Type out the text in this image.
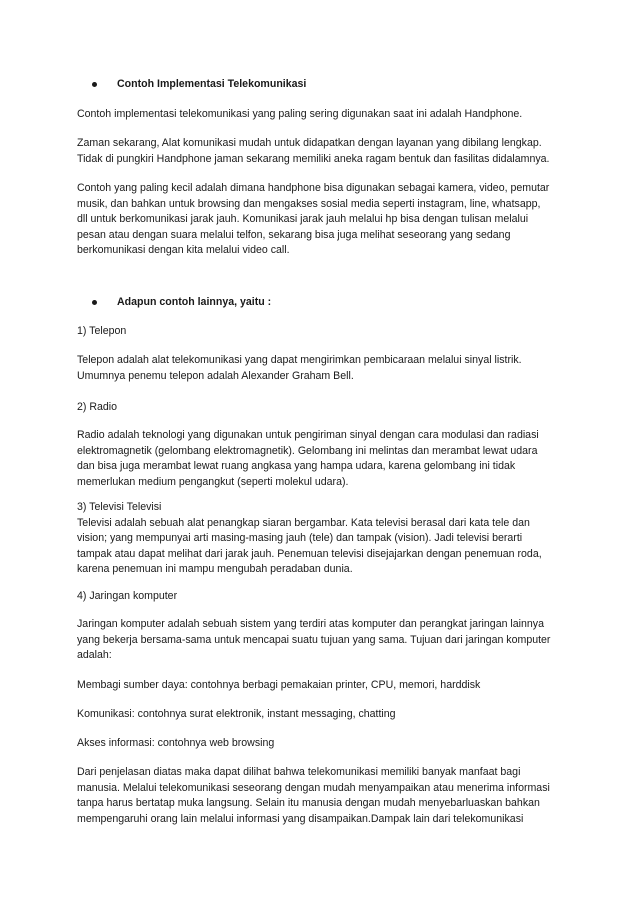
Contoh Implementasi Telekomunikasi

Contoh implementasi telekomunikasi yang paling sering digunakan saat ini adalah Handphone.

Zaman sekarang, Alat komunikasi mudah untuk didapatkan dengan layanan yang dibilang lengkap.
Tidak di pungkiri Handphone jaman sekarang memiliki aneka ragam bentuk dan fasilitas didalamnya.

Contoh yang paling kecil adalah dimana handphone bisa digunakan sebagai kamera, video, pemutar
musik, dan bahkan untuk browsing dan mengakses sosial media seperti instagram, line, whatsapp,
dll untuk berkomunikasi jarak jauh. Komunikasi jarak jauh melalui hp bisa dengan tulisan melalui
pesan atau dengan suara melalui telfon, sekarang bisa juga melihat seseorang yang sedang
berkomunikasi dengan kita melalui video call.

Adapun contoh lainnya, yaitu :

1) Telepon

Telepon adalah alat telekomunikasi yang dapat mengirimkan pembicaraan melalui sinyal listrik.
Umumnya penemu telepon adalah Alexander Graham Bell.

2) Radio

Radio adalah teknologi yang digunakan untuk pengiriman sinyal dengan cara modulasi dan radiasi
elektromagnetik (gelombang elektromagnetik). Gelombang ini melintas dan merambat lewat udara
dan bisa juga merambat lewat ruang angkasa yang hampa udara, karena gelombang ini tidak
memerlukan medium pengangkut (seperti molekul udara).

3) Televisi Televisi
Televisi adalah sebuah alat penangkap siaran bergambar. Kata televisi berasal dari kata tele dan
vision; yang mempunyai arti masing-masing jauh (tele) dan tampak (vision). Jadi televisi berarti
tampak atau dapat melihat dari jarak jauh. Penemuan televisi disejajarkan dengan penemuan roda,
karena penemuan ini mampu mengubah peradaban dunia.

4) Jaringan komputer

Jaringan komputer adalah sebuah sistem yang terdiri atas komputer dan perangkat jaringan lainnya
yang bekerja bersama-sama untuk mencapai suatu tujuan yang sama. Tujuan dari jaringan komputer
adalah:

Membagi sumber daya: contohnya berbagi pemakaian printer, CPU, memori, harddisk

Komunikasi: contohnya surat elektronik, instant messaging, chatting

Akses informasi: contohnya web browsing

Dari penjelasan diatas maka dapat dilihat bahwa telekomunikasi memiliki banyak manfaat bagi
manusia. Melalui telekomunikasi seseorang dengan mudah menyampaikan atau menerima informasi
tanpa harus bertatap muka langsung. Selain itu manusia dengan mudah menyebarluaskan bahkan
mempengaruhi orang lain melalui informasi yang disampaikan.Dampak lain dari telekomunikasi
